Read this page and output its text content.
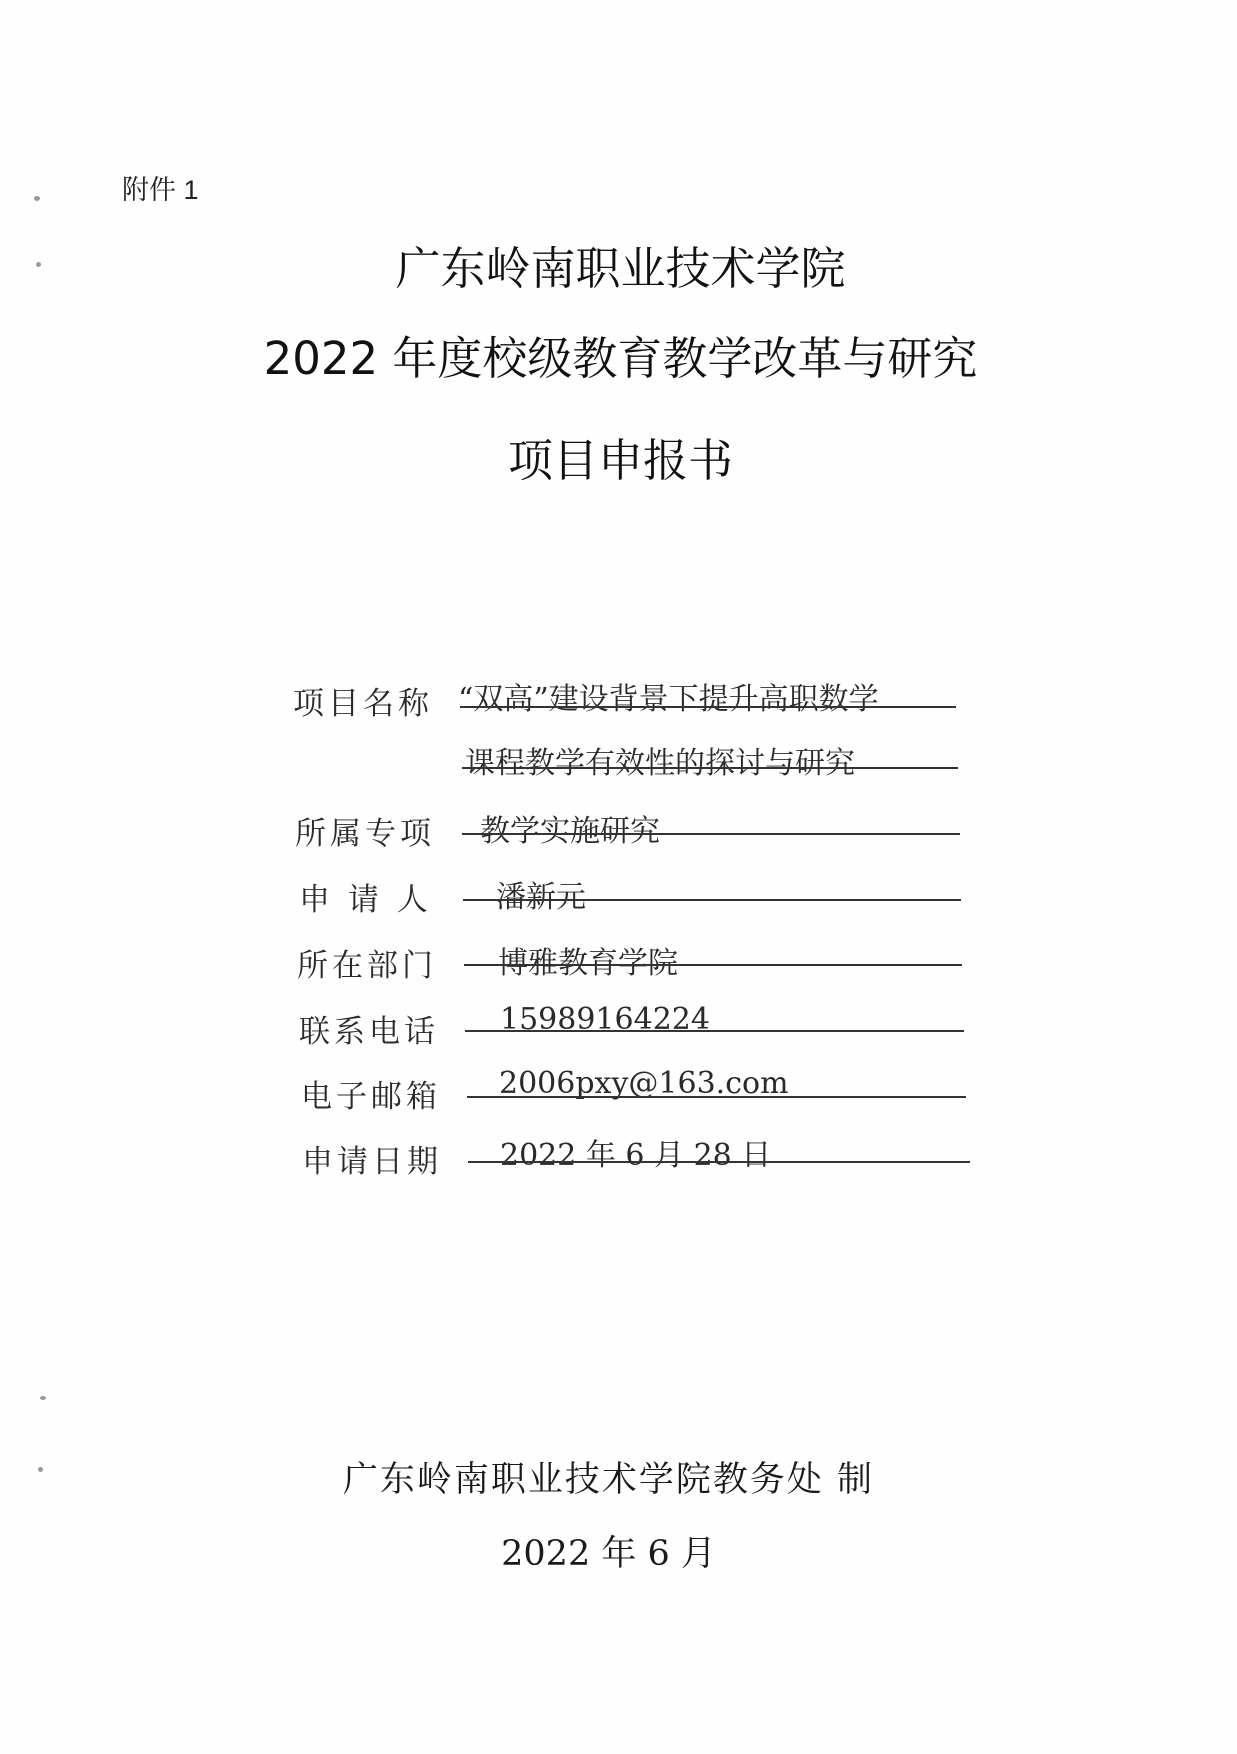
附件 1
广东岭南职业技术学院
2022 年度校级教育教学改革与研究
项目申报书
项目名称 “双高”建设背景下提升高职数学
课程教学有效性的探讨与研究
所属专项 教学实施研究
申 请 人 潘新元
所在部门 博雅教育学院
联系电话 15989164224
电子邮箱 2006pxy@163.com
申请日期 2022 年 6 月 28 日
广东岭南职业技术学院教务处 制
2022 年 6 月
